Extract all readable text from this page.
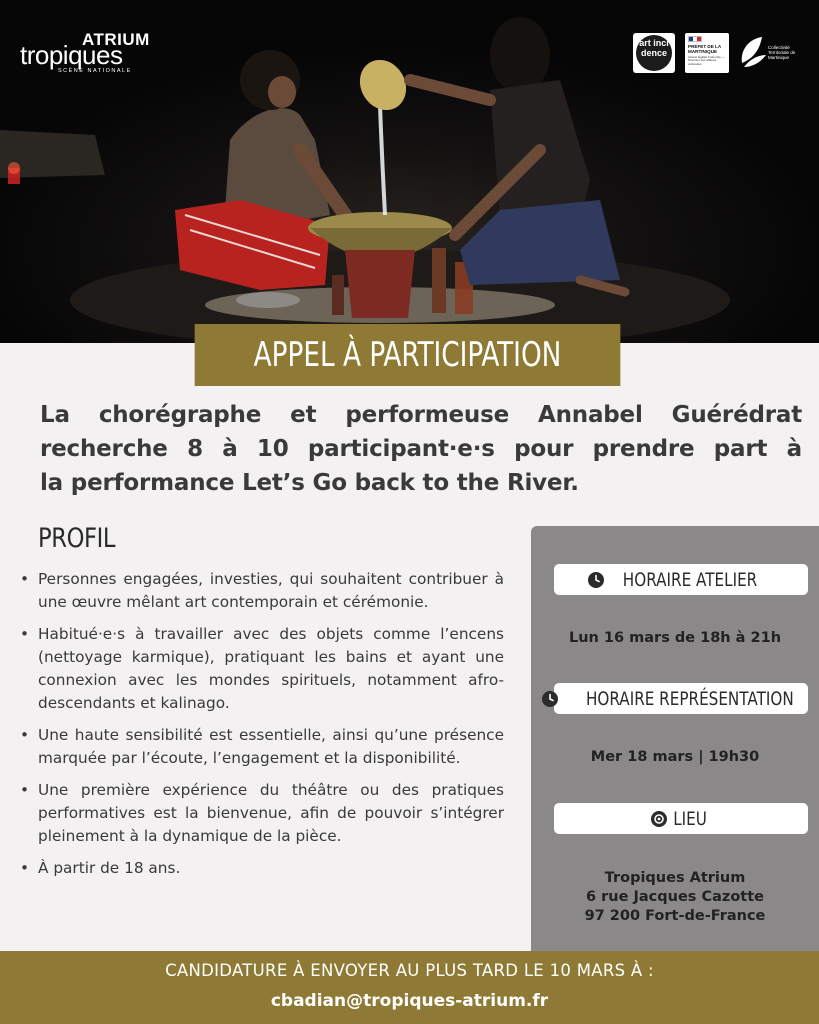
ATRIUM
tropiques
SCÈNE NATIONALE
art inci dence
PRÉFET DE LA MARTINIQUE
Liberté Égalité Fraternité — Direction des affaires culturelles
Collectivité Territoriale de Martinique
APPEL À PARTICIPATION
La chorégraphe et performeuse Annabel Guérédrat
recherche 8 à 10 participant·e·s pour prendre part à
la performance Let’s Go back to the River.
PROFIL
• Personnes engagées, investies, qui souhaitent contribuer à une œuvre mêlant art contemporain et cérémonie.
• Habitué·e·s à travailler avec des objets comme l’encens (nettoyage karmique), pratiquant les bains et ayant une connexion avec les mondes spirituels, notamment afro-descendants et kalinago.
• Une haute sensibilité est essentielle, ainsi qu’une présence marquée par l’écoute, l’engagement et la disponibilité.
• Une première expérience du théâtre ou des pratiques performatives est la bienvenue, afin de pouvoir s’intégrer pleinement à la dynamique de la pièce.
• À partir de 18 ans.
HORAIRE ATELIER
Lun 16 mars de 18h à 21h
HORAIRE REPRÉSENTATION
Mer 18 mars | 19h30
LIEU
Tropiques Atrium
6 rue Jacques Cazotte
97 200 Fort-de-France
CANDIDATURE À ENVOYER AU PLUS TARD LE 10 MARS À :
cbadian@tropiques-atrium.fr
